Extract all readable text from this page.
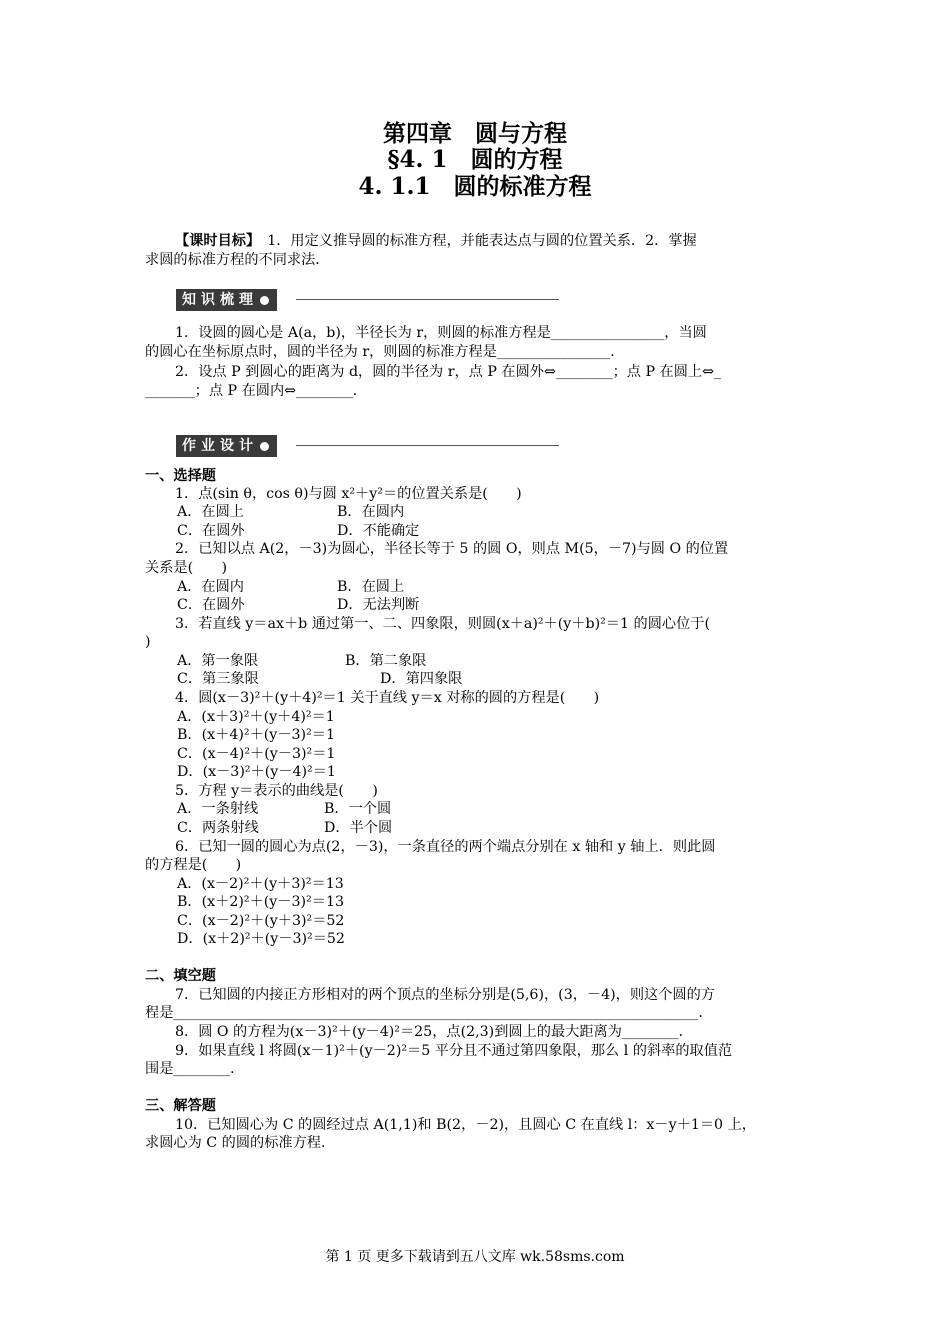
第四章　圆与方程
§4. 1　圆的方程
4. 1.1　圆的标准方程
【课时目标】　1．用定义推导圆的标准方程，并能表达点与圆的位置关系．2．掌握
求圆的标准方程的不同求法．
知识梳理
1．设圆的圆心是 A(a，b)，半径长为 r，则圆的标准方程是________________，当圆
的圆心在坐标原点时，圆的半径为 r，则圆的标准方程是________________．
2．设点 P 到圆心的距离为 d，圆的半径为 r，点 P 在圆外⇔________；点 P 在圆上⇔_
_______；点 P 在圆内⇔________．
作业设计
一、选择题
1．点(sin θ，cos θ)与圆 x²＋y²＝的位置关系是(　　)
A．在圆上	B．在圆内
C．在圆外	D．不能确定
2．已知以点 A(2，－3)为圆心，半径长等于 5 的圆 O，则点 M(5，－7)与圆 O 的位置
关系是(　　)
A．在圆内	B．在圆上
C．在圆外	D．无法判断
3．若直线 y＝ax＋b 通过第一、二、四象限，则圆(x＋a)²＋(y＋b)²＝1 的圆心位于(
)
A．第一象限	B．第二象限
C．第三象限	D．第四象限
4．圆(x－3)²＋(y＋4)²＝1 关于直线 y＝x 对称的圆的方程是(　　)
A．(x＋3)²＋(y＋4)²＝1
B．(x＋4)²＋(y－3)²＝1
C．(x－4)²＋(y－3)²＝1
D．(x－3)²＋(y－4)²＝1
5．方程 y＝表示的曲线是(　　)
A．一条射线	B．一个圆
C．两条射线	D．半个圆
6．已知一圆的圆心为点(2，－3)，一条直径的两个端点分别在 x 轴和 y 轴上．则此圆
的方程是(　　)
A．(x－2)²＋(y＋3)²＝13
B．(x＋2)²＋(y－3)²＝13
C．(x－2)²＋(y＋3)²＝52
D．(x＋2)²＋(y－3)²＝52
二、填空题
7．已知圆的内接正方形相对的两个顶点的坐标分别是(5,6)，(3，－4)，则这个圆的方
程是__________________________________________________________________________．
8．圆 O 的方程为(x－3)²＋(y－4)²＝25，点(2,3)到圆上的最大距离为________．
9．如果直线 l 将圆(x－1)²＋(y－2)²＝5 平分且不通过第四象限，那么 l 的斜率的取值范
围是________．
三、解答题
10．已知圆心为 C 的圆经过点 A(1,1)和 B(2，－2)，且圆心 C 在直线 l：x－y＋1＝0 上，
求圆心为 C 的圆的标准方程．
第 1 页 更多下载请到五八文库 wk.58sms.com
